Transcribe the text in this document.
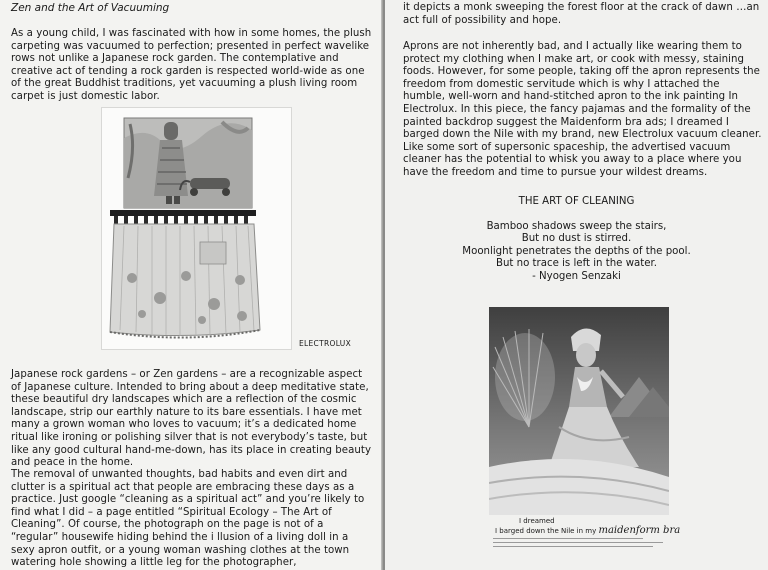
Zen and the Art of Vacuuming

As a young child, I was fascinated with how in some homes, the plush carpeting was vacuumed to perfection; presented in perfect wavelike rows not unlike a Japanese rock garden. The contemplative and creative act of tending a rock garden is respected world-wide as one of the great Buddhist traditions, yet vacuuming a plush living room carpet is just domestic labor.

ELECTROLUX

Japanese rock gardens – or Zen gardens – are a recognizable aspect of Japanese culture. Intended to bring about a deep meditative state, these beautiful dry landscapes which are a reflection of the cosmic landscape, strip our earthly nature to its bare essentials. I have met many a grown woman who loves to vacuum; it’s a dedicated home ritual like ironing or polishing silver that is not everybody’s taste, but like any good cultural hand-me-down, has its place in creating beauty and peace in the home.

The removal of unwanted thoughts, bad habits and even dirt and clutter is a spiritual act that people are embracing these days as a practice. Just google “cleaning as a spiritual act” and you’re likely to find what I did – a page entitled “Spiritual Ecology – The Art of Cleaning”. Of course, the photograph on the page is not of a “regular” housewife hiding behind the i llusion of a living doll in a sexy apron outfit, or a young woman washing clothes at the town watering hole showing a little leg for the photographer,

it depicts a monk sweeping the forest floor at the crack of dawn …an act full of possibility and hope.

Aprons are not inherently bad, and I actually like wearing them to protect my clothing when I make art, or cook with messy, staining foods. However, for some people, taking off the apron represents the freedom from domestic servitude which is why I attached the humble, well-worn and hand-stitched apron to the ink painting In Electrolux. In this piece, the fancy pajamas and the formality of the painted backdrop suggest the Maidenform bra ads; I dreamed I barged down the Nile with my brand, new Electrolux vacuum cleaner. Like some sort of supersonic spaceship, the advertised vacuum cleaner has the potential to whisk you away to a place where you have the freedom and time to pursue your wildest dreams.

THE ART OF CLEANING
Bamboo shadows sweep the stairs,
But no dust is stirred.
Moonlight penetrates the depths of the pool.
But no trace is left in the water.
- Nyogen Senzaki
I dreamed
I barged down the Nile in my maidenform bra
